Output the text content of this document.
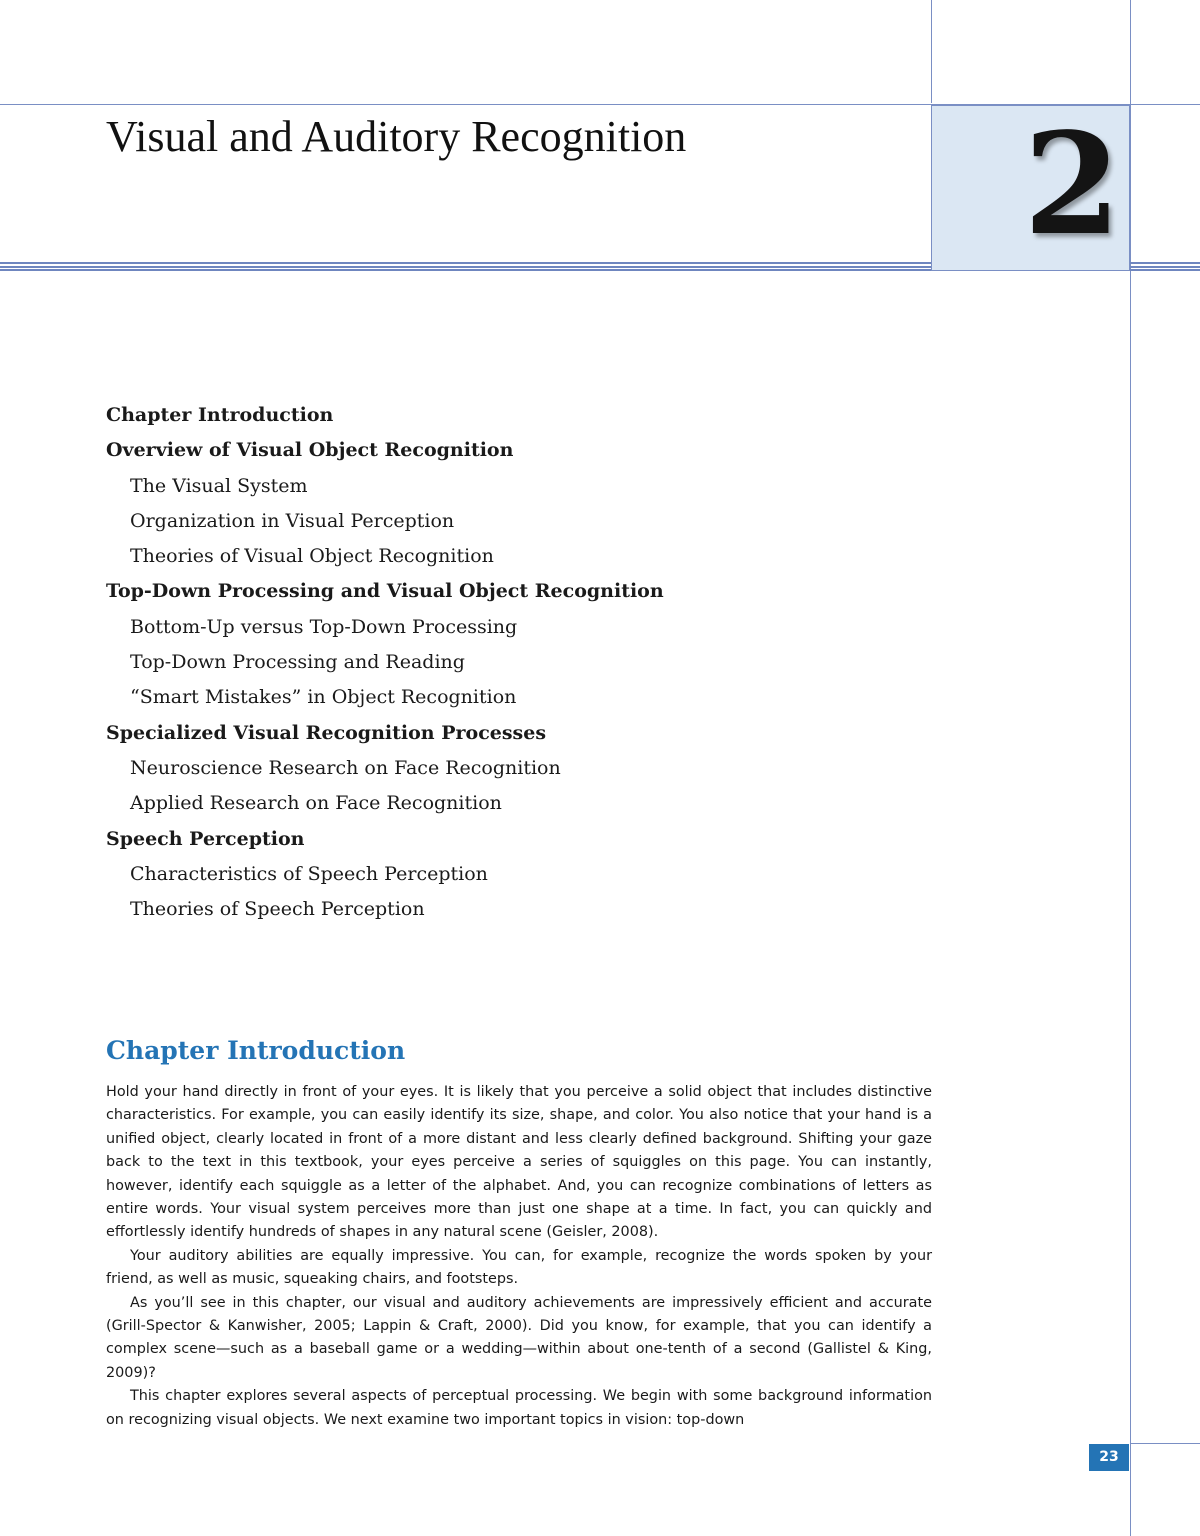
Visual and Auditory Recognition	2
Chapter Introduction
Overview of Visual Object Recognition
The Visual System
Organization in Visual Perception
Theories of Visual Object Recognition
Top-Down Processing and Visual Object Recognition
Bottom-Up versus Top-Down Processing
Top-Down Processing and Reading
“Smart Mistakes” in Object Recognition
Specialized Visual Recognition Processes
Neuroscience Research on Face Recognition
Applied Research on Face Recognition
Speech Perception
Characteristics of Speech Perception
Theories of Speech Perception
Chapter Introduction

Hold your hand directly in front of your eyes. It is likely that you perceive a solid object that includes distinctive characteristics. For example, you can easily identify its size, shape, and color. You also notice that your hand is a unified object, clearly located in front of a more distant and less clearly defined background. Shifting your gaze back to the text in this textbook, your eyes perceive a series of squiggles on this page. You can instantly, however, identify each squiggle as a letter of the alphabet. And, you can recognize combinations of letters as entire words. Your visual system perceives more than just one shape at a time. In fact, you can quickly and effortlessly identify hundreds of shapes in any natural scene (Geisler, 2008).

Your auditory abilities are equally impressive. You can, for example, recognize the words spoken by your friend, as well as music, squeaking chairs, and footsteps.

As you’ll see in this chapter, our visual and auditory achievements are impressively efficient and accurate (Grill-Spector & Kanwisher, 2005; Lappin & Craft, 2000). Did you know, for example, that you can identify a complex scene—such as a baseball game or a wedding—within about one-tenth of a second (Gallistel & King, 2009)?

This chapter explores several aspects of perceptual processing. We begin with some background information on recognizing visual objects. We next examine two important topics in vision: top-down

23
